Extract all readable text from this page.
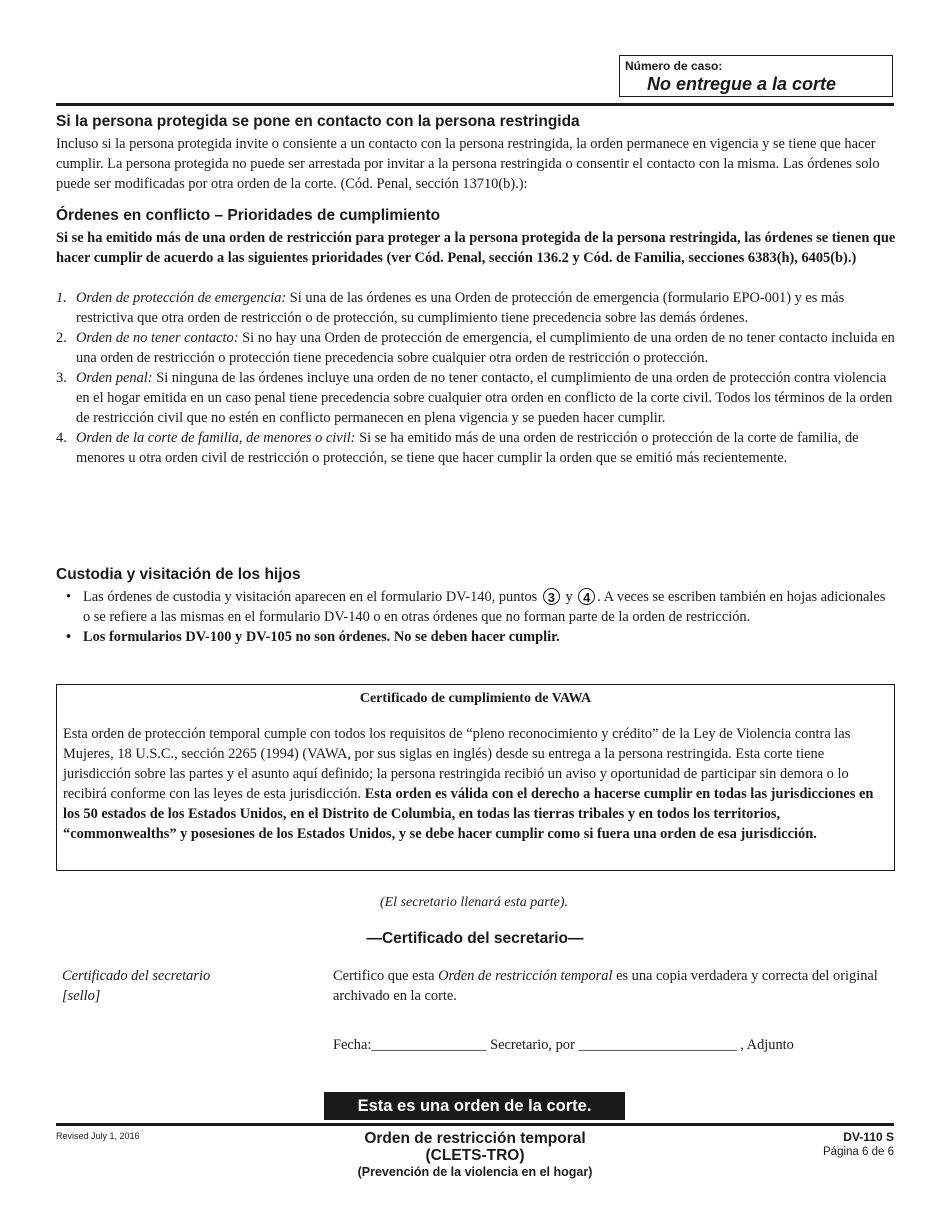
Número de caso:
No entregue a la corte
Si la persona protegida se pone en contacto con la persona restringida
Incluso si la persona protegida invite o consiente a un contacto con la persona restringida, la orden permanece en vigencia y se tiene que hacer cumplir. La persona protegida no puede ser arrestada por invitar a la persona restringida o consentir el contacto con la misma. Las órdenes solo puede ser modificadas por otra orden de la corte. (Cód. Penal, sección 13710(b).):
Órdenes en conflicto – Prioridades de cumplimiento
Si se ha emitido más de una orden de restricción para proteger a la persona protegida de la persona restringida, las órdenes se tienen que hacer cumplir de acuerdo a las siguientes prioridades (ver Cód. Penal, sección 136.2 y Cód. de Familia, secciones 6383(h), 6405(b).)
1. Orden de protección de emergencia: Si una de las órdenes es una Orden de protección de emergencia (formulario EPO-001) y es más restrictiva que otra orden de restricción o de protección, su cumplimiento tiene precedencia sobre las demás órdenes.
2. Orden de no tener contacto: Si no hay una Orden de protección de emergencia, el cumplimiento de una orden de no tener contacto incluida en una orden de restricción o protección tiene precedencia sobre cualquier otra orden de restricción o protección.
3. Orden penal: Si ninguna de las órdenes incluye una orden de no tener contacto, el cumplimiento de una orden de protección contra violencia en el hogar emitida en un caso penal tiene precedencia sobre cualquier otra orden en conflicto de la corte civil. Todos los términos de la orden de restricción civil que no estén en conflicto permanecen en plena vigencia y se pueden hacer cumplir.
4. Orden de la corte de familia, de menores o civil: Si se ha emitido más de una orden de restricción o protección de la corte de familia, de menores u otra orden civil de restricción o protección, se tiene que hacer cumplir la orden que se emitió más recientemente.
Custodia y visitación de los hijos
• Las órdenes de custodia y visitación aparecen en el formulario DV-140, puntos 3 y 4 . A veces se escriben también en hojas adicionales o se refiere a las mismas en el formulario DV-140 o en otras órdenes que no forman parte de la orden de restricción.
• Los formularios DV-100 y DV-105 no son órdenes. No se deben hacer cumplir.
Certificado de cumplimiento de VAWA
Esta orden de protección temporal cumple con todos los requisitos de “pleno reconocimiento y crédito” de la Ley de Violencia contra las Mujeres, 18 U.S.C., sección 2265 (1994) (VAWA, por sus siglas en inglés) desde su entrega a la persona restringida. Esta corte tiene jurisdicción sobre las partes y el asunto aquí definido; la persona restringida recibió un aviso y oportunidad de participar sin demora o lo recibirá conforme con las leyes de esta jurisdicción. Esta orden es válida con el derecho a hacerse cumplir en todas las jurisdicciones en los 50 estados de los Estados Unidos, en el Distrito de Columbia, en todas las tierras tribales y en todos los territorios, “commonwealths” y posesiones de los Estados Unidos, y se debe hacer cumplir como si fuera una orden de esa jurisdicción.
(El secretario llenará esta parte).
—Certificado del secretario—
Certificado del secretario
[sello]
Certifico que esta Orden de restricción temporal es una copia verdadera y correcta del original archivado en la corte.
Fecha:________________ Secretario, por ______________________ , Adjunto
Esta es una orden de la corte.
Revised July 1, 2016	Orden de restricción temporal
(CLETS-TRO)
(Prevención de la violencia en el hogar)
DV-110 S
Página 6 de 6
